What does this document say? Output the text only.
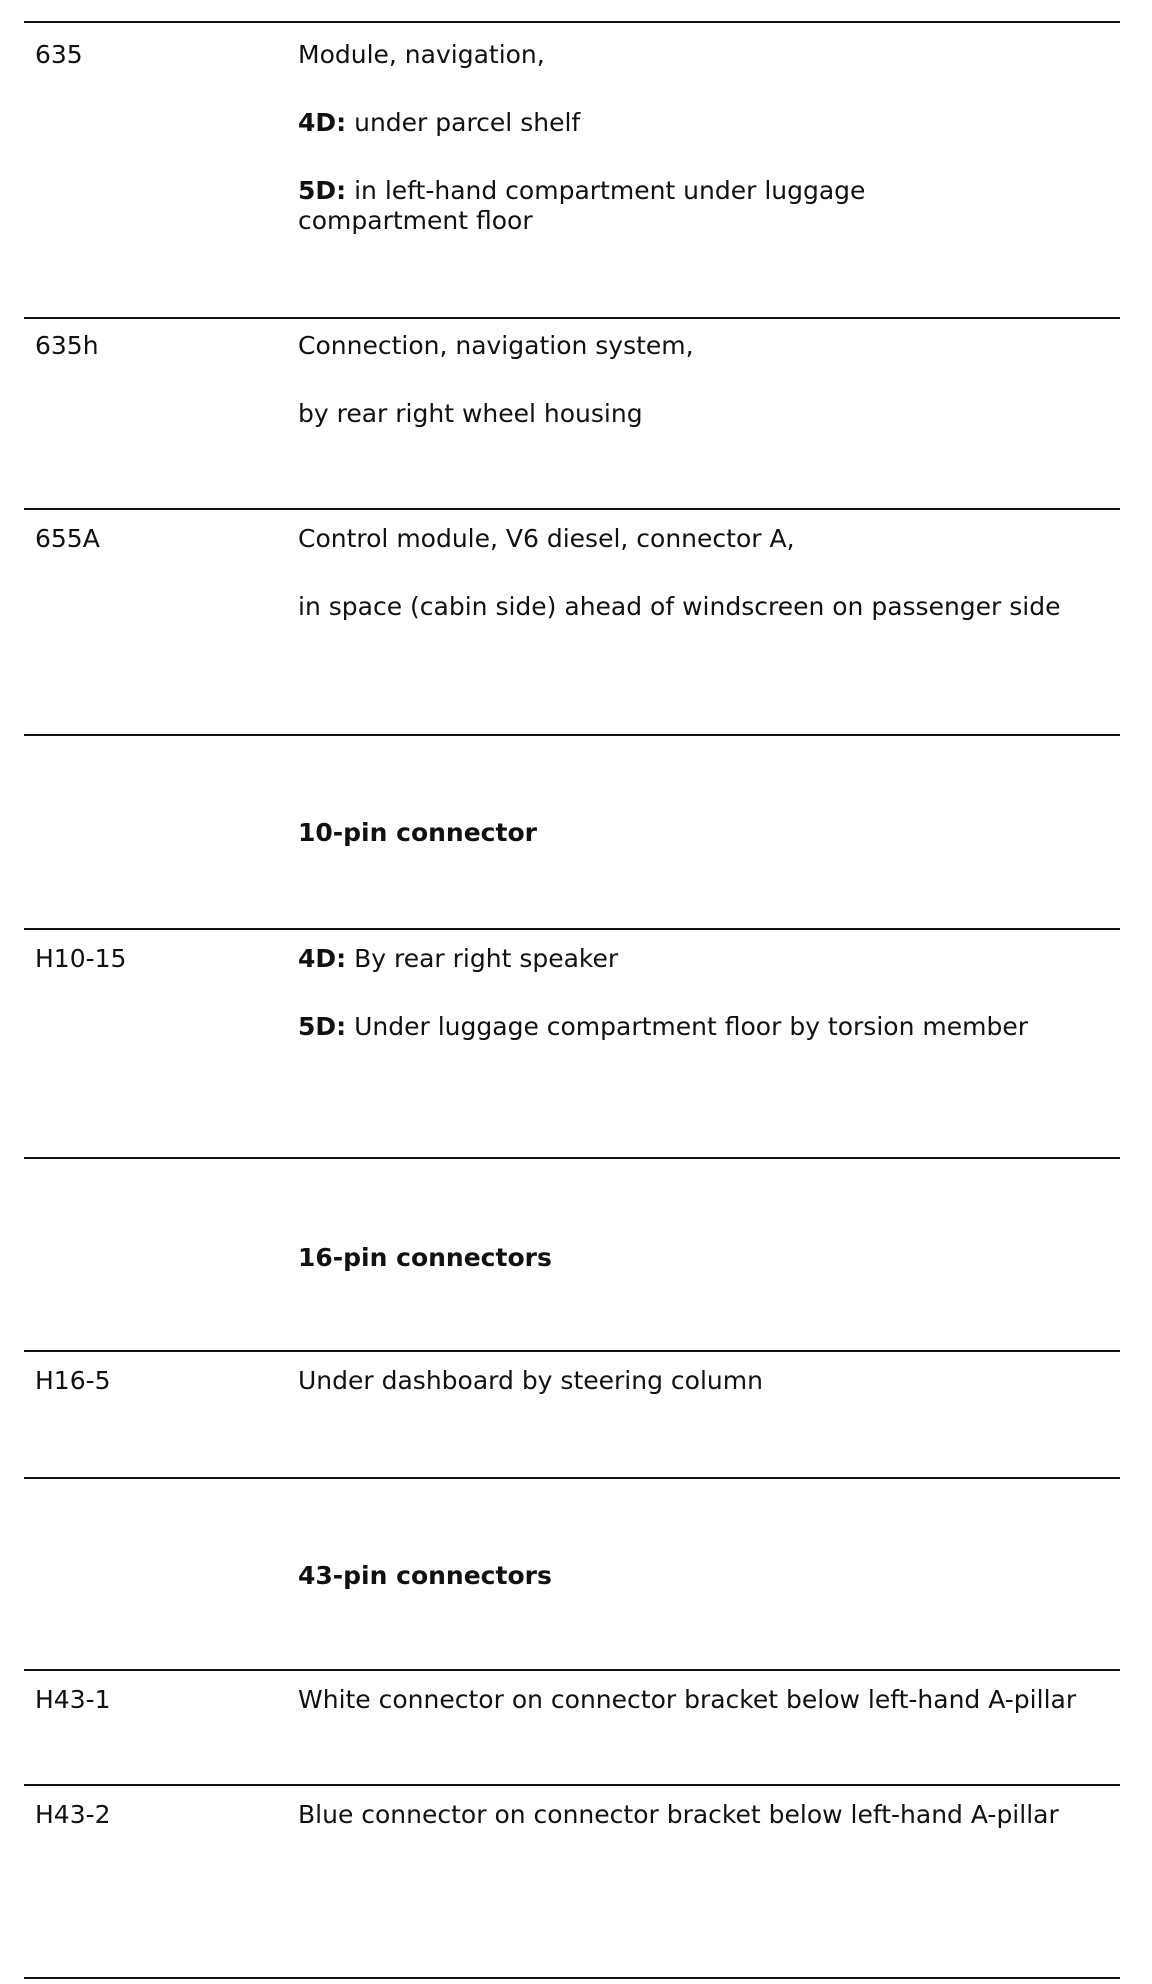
635	Module, navigation,

4D: under parcel shelf

5D: in left-hand compartment under luggage compartment floor

635h	Connection, navigation system,

by rear right wheel housing

655A	Control module, V6 diesel, connector A,

in space (cabin side) ahead of windscreen on passenger side

10-pin connector
H10-15	4D: By rear right speaker

5D: Under luggage compartment floor by torsion member

16-pin connectors
H16-5	Under dashboard by steering column

43-pin connectors
H43-1	White connector on connector bracket below left-hand A-pillar

H43-2	Blue connector on connector bracket below left-hand A-pillar
